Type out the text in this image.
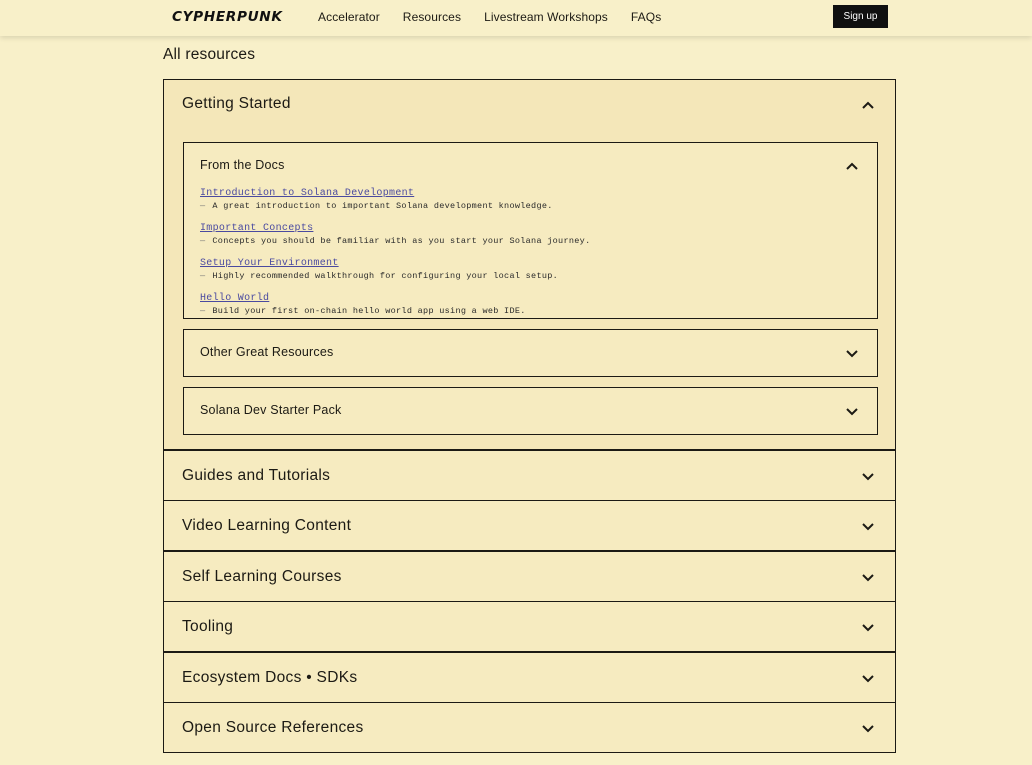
CYPHERPUNK	Accelerator Resources Livestream Workshops FAQs	Sign up
All resources
Getting Started
From the Docs
Introduction to Solana Development
— A great introduction to important Solana development knowledge.
Important Concepts
— Concepts you should be familiar with as you start your Solana journey.
Setup Your Environment
— Highly recommended walkthrough for configuring your local setup.
Hello World
— Build your first on-chain hello world app using a web IDE.
Other Great Resources
Solana Dev Starter Pack
Guides and Tutorials
Video Learning Content
Self Learning Courses
Tooling
Ecosystem Docs • SDKs
Open Source References
